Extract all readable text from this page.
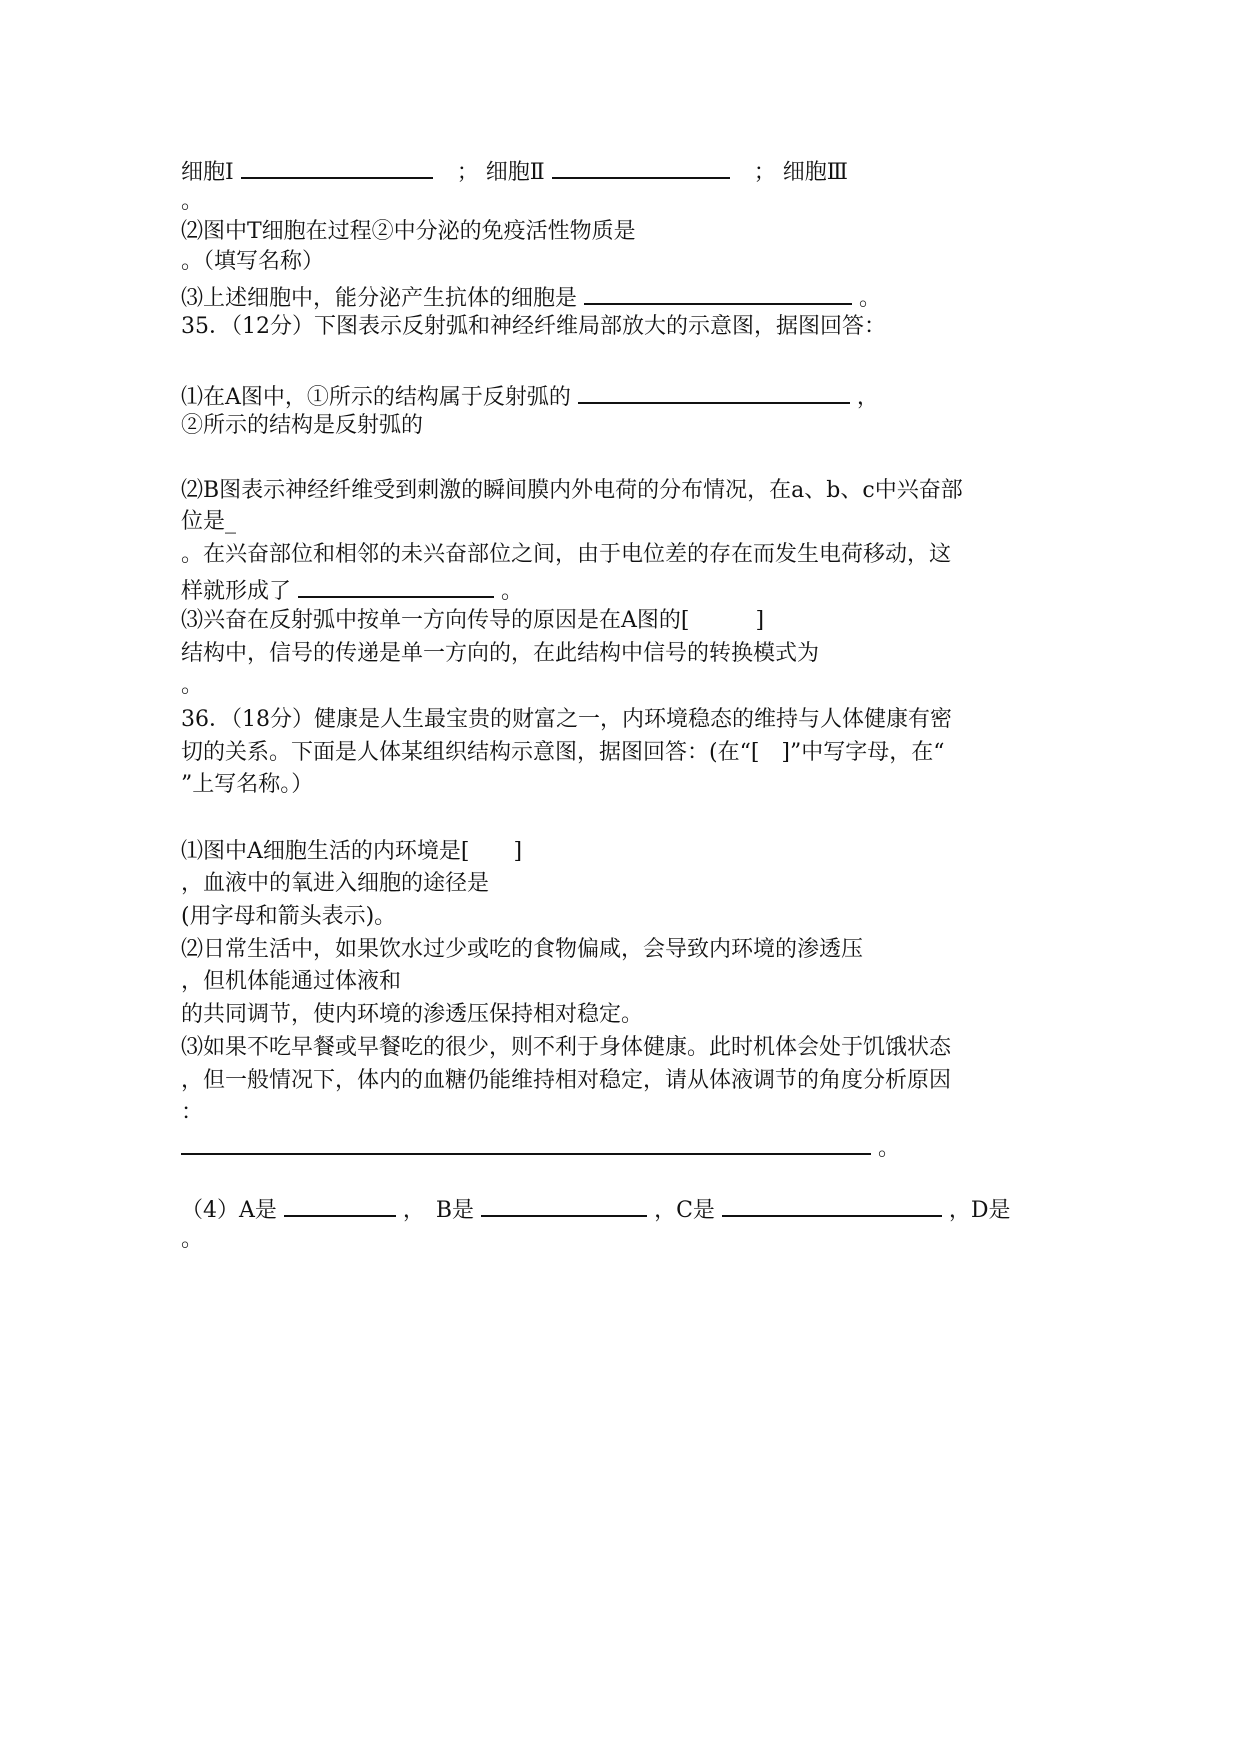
细胞Ⅰ	； 细胞Ⅱ	； 细胞Ⅲ
。
⑵图中T细胞在过程②中分泌的免疫活性物质是
。（填写名称）
⑶上述细胞中，能分泌产生抗体的细胞是	。
35．（12分）下图表示反射弧和神经纤维局部放大的示意图，据图回答：
⑴在A图中，①所示的结构属于反射弧的	，
②所示的结构是反射弧的
⑵B图表示神经纤维受到刺激的瞬间膜内外电荷的分布情况，在a、b、c中兴奋部
位是_
。在兴奋部位和相邻的未兴奋部位之间，由于电位差的存在而发生电荷移动，这
样就形成了	。
⑶兴奋在反射弧中按单一方向传导的原因是在A图的[　　　]
结构中，信号的传递是单一方向的，在此结构中信号的转换模式为
。
36．（18分）健康是人生最宝贵的财富之一，内环境稳态的维持与人体健康有密
切的关系。下面是人体某组织结构示意图，据图回答：(在“[　]”中写字母，在“
”上写名称。）
⑴图中A细胞生活的内环境是[　　]
，血液中的氧进入细胞的途径是
(用字母和箭头表示)。
⑵日常生活中，如果饮水过少或吃的食物偏咸，会导致内环境的渗透压
，但机体能通过体液和
的共同调节，使内环境的渗透压保持相对稳定。
⑶如果不吃早餐或早餐吃的很少，则不利于身体健康。此时机体会处于饥饿状态
，但一般情况下，体内的血糖仍能维持相对稳定，请从体液调节的角度分析原因
：
。
（4）A是	，　B是	，C是	，D是
。
